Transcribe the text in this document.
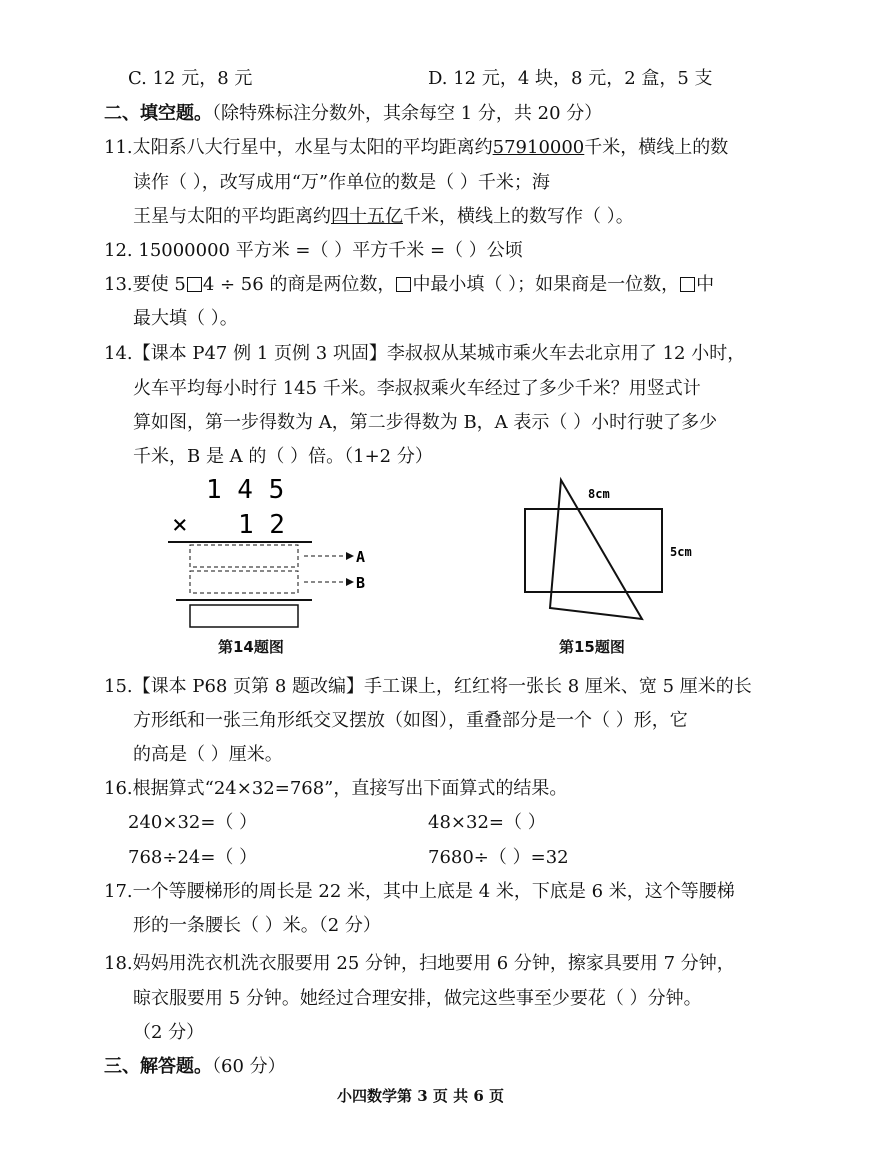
C. 12 元，8 元	D. 12 元，4 块，8 元，2 盒，5 支
二、填空题。（除特殊标注分数外，其余每空 1 分，共 20 分）
11.太阳系八大行星中，水星与太阳的平均距离约57910000千米，横线上的数
读作（ ），改写成用“万”作单位的数是（ ）千米；海
王星与太阳的平均距离约四十五亿千米，横线上的数写作（ ）。
12. 15000000 平方米 =（ ）平方千米 =（ ）公顷
13.要使 5 4 ÷ 56 的商是两位数， 中最小填（ ）；如果商是一位数， 中
最大填（ ）。
14.【课本 P47 例 1 页例 3 巩固】李叔叔从某城市乘火车去北京用了 12 小时，
火车平均每小时行 145 千米。李叔叔乘火车经过了多少千米？用竖式计
算如图，第一步得数为 A，第二步得数为 B，A 表示（ ）小时行驶了多少
千米，B 是 A 的（ ）倍。（1+2 分）
1 4 5
× 1 2
A
B
第14题图
8cm
5cm
第15题图
15.【课本 P68 页第 8 题改编】手工课上，红红将一张长 8 厘米、宽 5 厘米的长
方形纸和一张三角形纸交叉摆放（如图），重叠部分是一个（ ）形，它
的高是（ ）厘米。
16.根据算式“24×32=768”，直接写出下面算式的结果。
240×32=（ ）	48×32=（ ）
768÷24=（ ）	7680÷（ ）=32
17.一个等腰梯形的周长是 22 米，其中上底是 4 米，下底是 6 米，这个等腰梯
形的一条腰长（ ）米。（2 分）
18.妈妈用洗衣机洗衣服要用 25 分钟，扫地要用 6 分钟，擦家具要用 7 分钟，
晾衣服要用 5 分钟。她经过合理安排，做完这些事至少要花（ ）分钟。
（2 分）
三、解答题。（60 分）
小四数学第 3 页 共 6 页
